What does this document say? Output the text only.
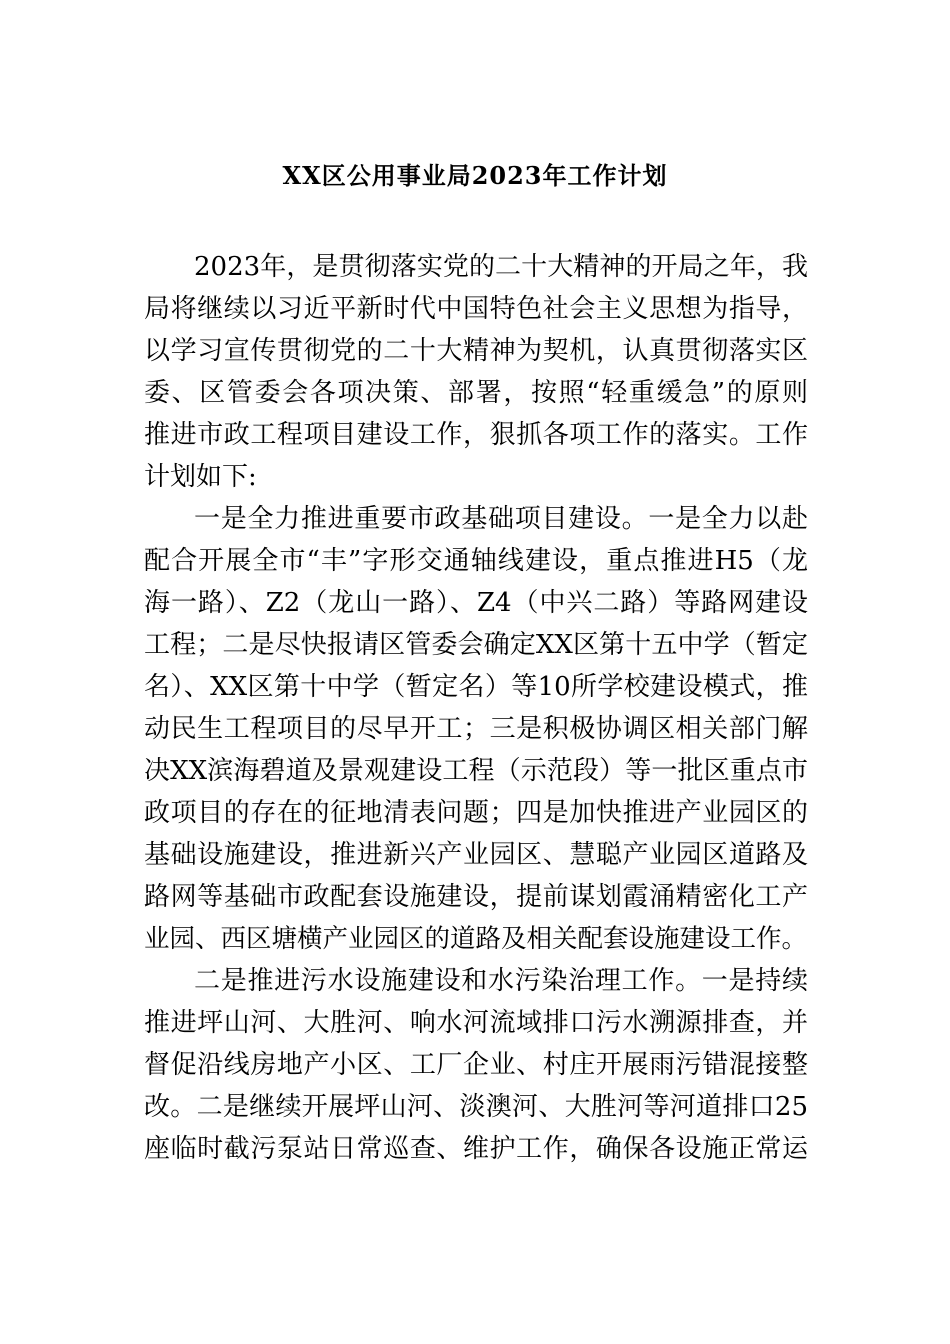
XX区公用事业局2023年工作计划
2023年，是贯彻落实党的二十大精神的开局之年，我
局将继续以习近平新时代中国特色社会主义思想为指导，
以学习宣传贯彻党的二十大精神为契机，认真贯彻落实区
委、区管委会各项决策、部署，按照“轻重缓急”的原则
推进市政工程项目建设工作，狠抓各项工作的落实。工作
计划如下:
一是全力推进重要市政基础项目建设。一是全力以赴
配合开展全市“丰”字形交通轴线建设，重点推进H5（龙
海一路）、Z2（龙山一路）、Z4（中兴二路）等路网建设
工程；二是尽快报请区管委会确定XX区第十五中学（暂定
名）、XX区第十中学（暂定名）等10所学校建设模式，推
动民生工程项目的尽早开工；三是积极协调区相关部门解
决XX滨海碧道及景观建设工程（示范段）等一批区重点市
政项目的存在的征地清表问题；四是加快推进产业园区的
基础设施建设，推进新兴产业园区、慧聪产业园区道路及
路网等基础市政配套设施建设，提前谋划霞涌精密化工产
业园、西区塘横产业园区的道路及相关配套设施建设工作。
二是推进污水设施建设和水污染治理工作。一是持续
推进坪山河、大胜河、响水河流域排口污水溯源排查，并
督促沿线房地产小区、工厂企业、村庄开展雨污错混接整
改。二是继续开展坪山河、淡澳河、大胜河等河道排口25
座临时截污泵站日常巡查、维护工作，确保各设施正常运
